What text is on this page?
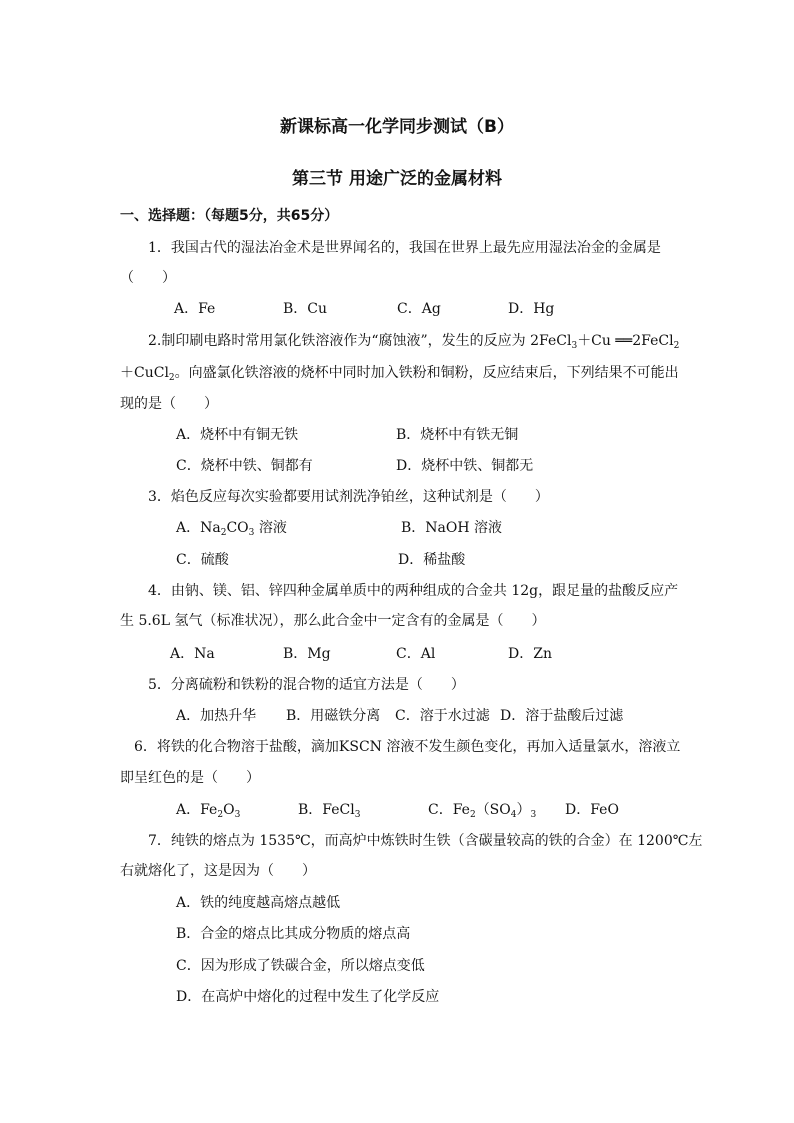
新课标高一化学同步测试（B）
第三节 用途广泛的金属材料
一、选择题：（每题5分，共65分）
1．我国古代的湿法冶金术是世界闻名的，我国在世界上最先应用湿法冶金的金属是
（　　）
A．Fe	B．Cu	C．Ag	D．Hg
2.制印刷电路时常用氯化铁溶液作为“腐蚀液”，发生的反应为 2FeCl$_3$＋Cu ══2FeCl$_2$
＋CuCl$_2$。向盛氯化铁溶液的烧杯中同时加入铁粉和铜粉，反应结束后，下列结果不可能出
现的是（　　）
A．烧杯中有铜无铁	B．烧杯中有铁无铜
C．烧杯中铁、铜都有	D．烧杯中铁、铜都无
3．焰色反应每次实验都要用试剂洗净铂丝，这种试剂是（　　）
A．$Na_2CO_3$ 溶液	B．NaOH 溶液
C．硫酸	D．稀盐酸
4．由钠、镁、铝、锌四种金属单质中的两种组成的合金共 12g，跟足量的盐酸反应产
生 5.6L 氢气（标准状况），那么此合金中一定含有的金属是（　　）
A．Na	B．Mg	C．Al	D．Zn
5．分离硫粉和铁粉的混合物的适宜方法是（　　）
A．加热升华 B．用磁铁分离 C．溶于水过滤 D．溶于盐酸后过滤
6．将铁的化合物溶于盐酸，滴加KSCN 溶液不发生颜色变化，再加入适量氯水，溶液立
即呈红色的是（　　）
A．$Fe_2O_3$	B．FeCl$_3$	C．$Fe_2(SO_4)_3$ D．FeO
7．纯铁的熔点为 1535℃，而高炉中炼铁时生铁（含碳量较高的铁的合金）在 1200℃左
右就熔化了，这是因为（　　）
A．铁的纯度越高熔点越低
B．合金的熔点比其成分物质的熔点高
C．因为形成了铁碳合金，所以熔点变低
D．在高炉中熔化的过程中发生了化学反应
